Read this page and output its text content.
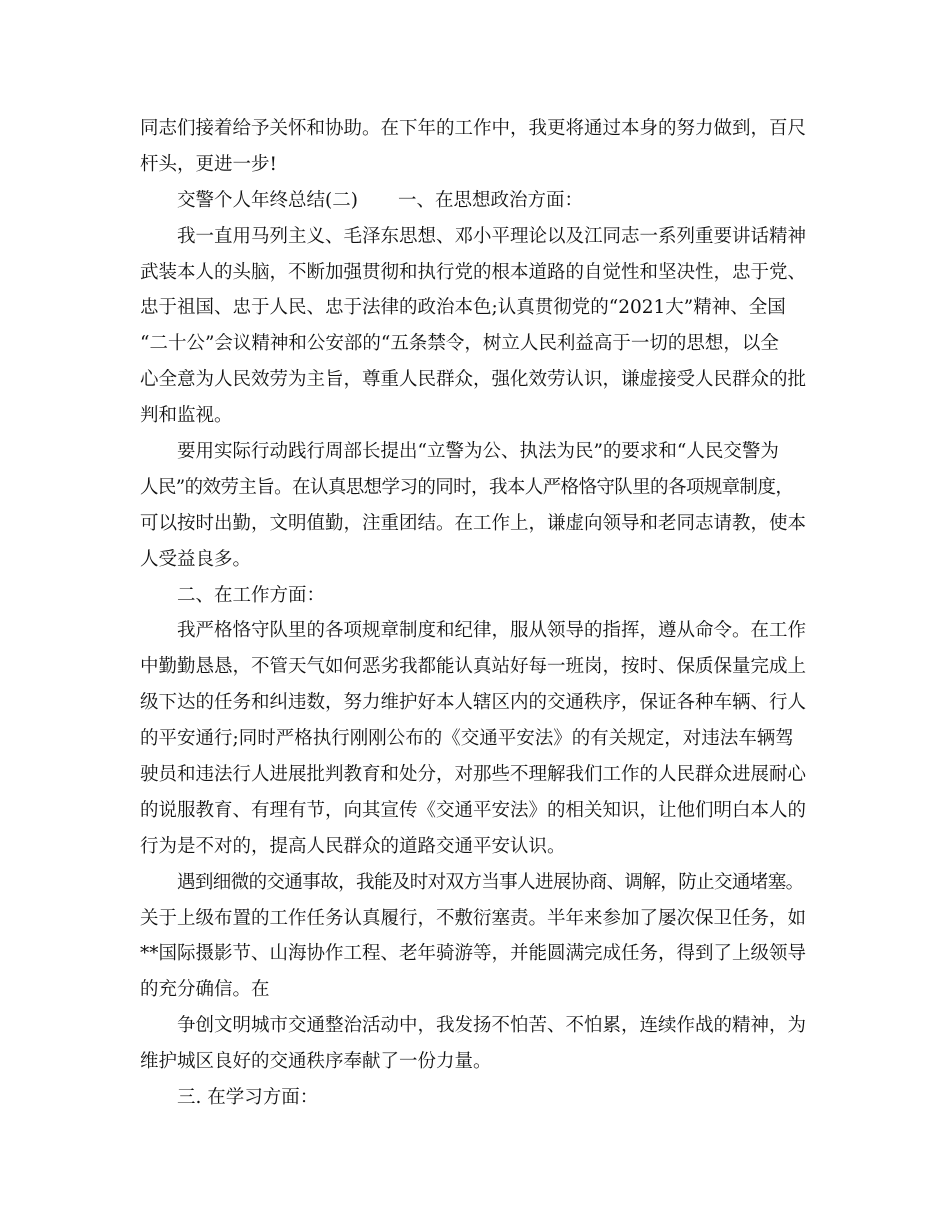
同志们接着给予关怀和协助。在下年的工作中，我更将通过本身的努力做到，百尺
杆头，更进一步!
交警个人年终总结(二) 一、在思想政治方面：
我一直用马列主义、毛泽东思想、邓小平理论以及江同志一系列重要讲话精神
武装本人的头脑，不断加强贯彻和执行党的根本道路的自觉性和坚决性，忠于党、
忠于祖国、忠于人民、忠于法律的政治本色;认真贯彻党的“2021大”精神、全国
“二十公”会议精神和公安部的“五条禁令，树立人民利益高于一切的思想，以全
心全意为人民效劳为主旨，尊重人民群众，强化效劳认识，谦虚接受人民群众的批
判和监视。
要用实际行动践行周部长提出“立警为公、执法为民”的要求和“人民交警为
人民”的效劳主旨。在认真思想学习的同时，我本人严格恪守队里的各项规章制度，
可以按时出勤，文明值勤，注重团结。在工作上，谦虚向领导和老同志请教，使本
人受益良多。
二、在工作方面：
我严格恪守队里的各项规章制度和纪律，服从领导的指挥，遵从命令。在工作
中勤勤恳恳，不管天气如何恶劣我都能认真站好每一班岗，按时、保质保量完成上
级下达的任务和纠违数，努力维护好本人辖区内的交通秩序，保证各种车辆、行人
的平安通行;同时严格执行刚刚公布的《交通平安法》的有关规定，对违法车辆驾
驶员和违法行人进展批判教育和处分，对那些不理解我们工作的人民群众进展耐心
的说服教育、有理有节，向其宣传《交通平安法》的相关知识，让他们明白本人的
行为是不对的，提高人民群众的道路交通平安认识。
遇到细微的交通事故，我能及时对双方当事人进展协商、调解，防止交通堵塞。
关于上级布置的工作任务认真履行，不敷衍塞责。半年来参加了屡次保卫任务，如
**国际摄影节、山海协作工程、老年骑游等，并能圆满完成任务，得到了上级领导
的充分确信。在
争创文明城市交通整治活动中，我发扬不怕苦、不怕累，连续作战的精神，为
维护城区良好的交通秩序奉献了一份力量。
三. 在学习方面：
